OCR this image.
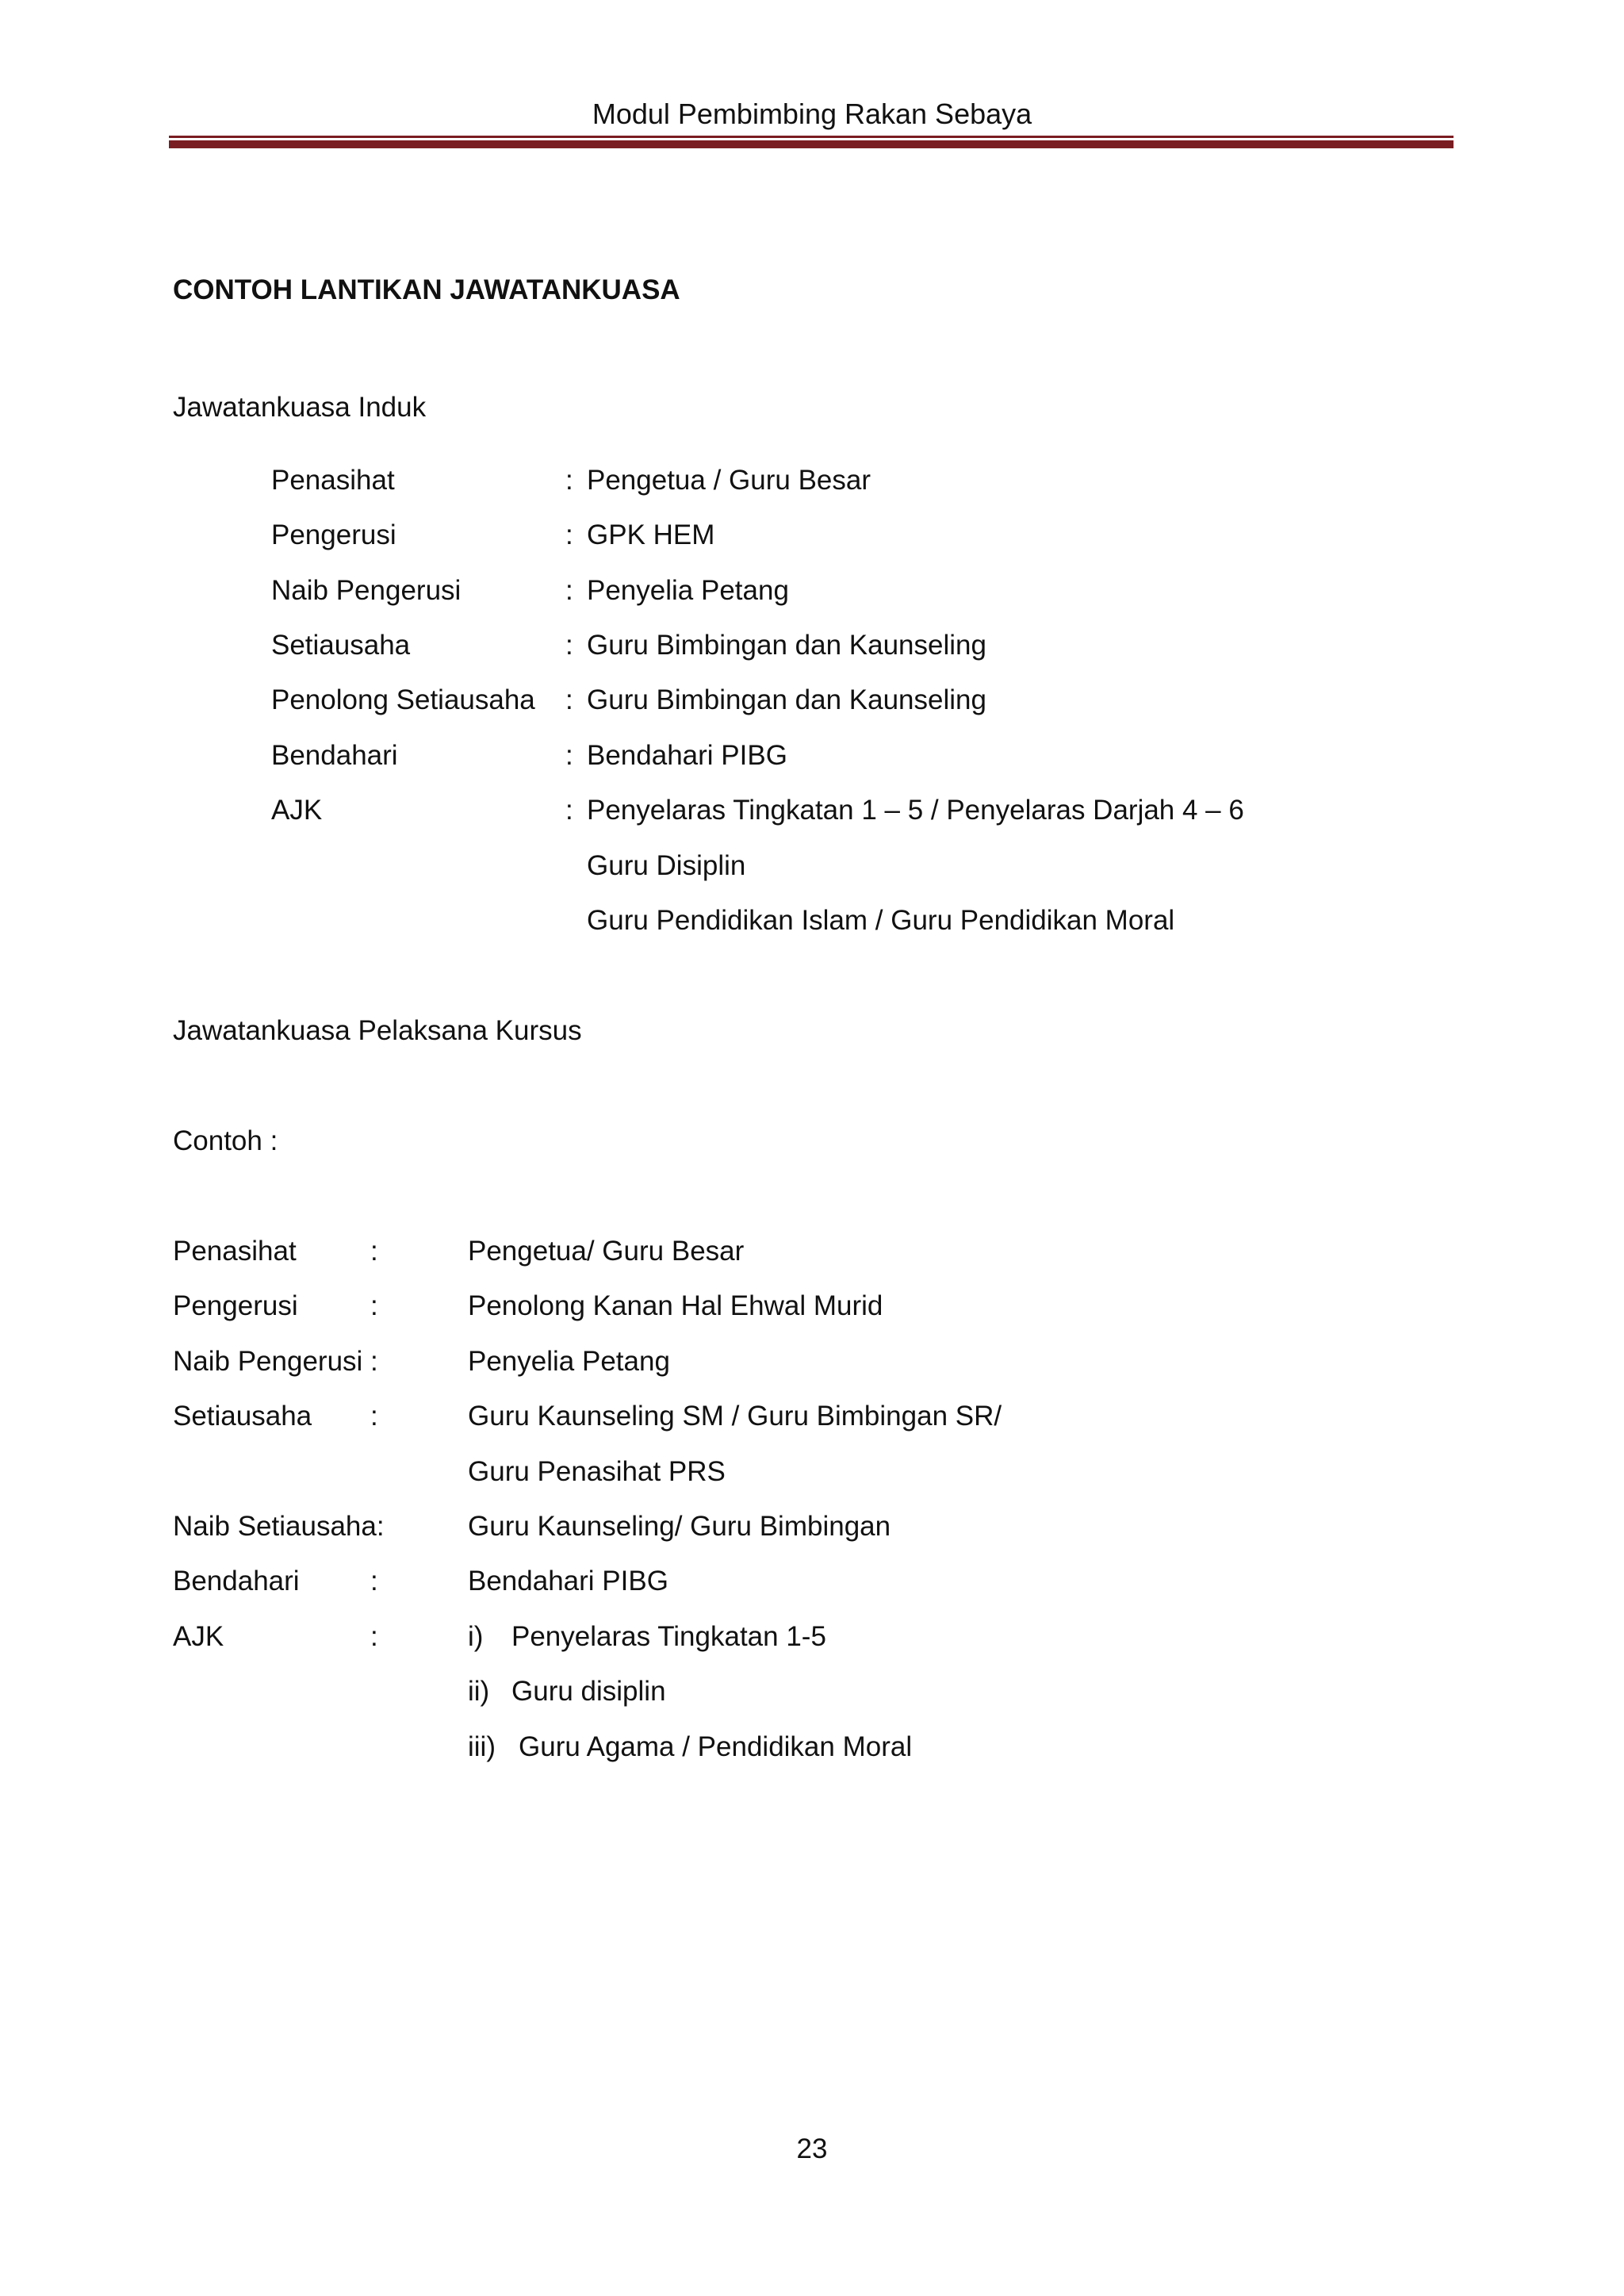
Modul Pembimbing Rakan Sebaya
CONTOH LANTIKAN JAWATANKUASA
Jawatankuasa Induk
Penasihat	: Pengetua / Guru Besar
Pengerusi	: GPK HEM
Naib Pengerusi	: Penyelia Petang
Setiausaha	: Guru Bimbingan dan Kaunseling
Penolong Setiausaha : Guru Bimbingan dan Kaunseling
Bendahari	: Bendahari PIBG
AJK	: Penyelaras Tingkatan 1 – 5 / Penyelaras Darjah 4 – 6
Guru Disiplin
Guru Pendidikan Islam / Guru Pendidikan Moral
Jawatankuasa Pelaksana Kursus
Contoh :
Penasihat	:	Pengetua/ Guru Besar
Pengerusi	:	Penolong Kanan Hal Ehwal Murid
Naib Pengerusi :	Penyelia Petang
Setiausaha :	Guru Kaunseling SM / Guru Bimbingan SR/
Guru Penasihat PRS
Naib Setiausaha:	Guru Kaunseling/ Guru Bimbingan
Bendahari	:	Bendahari PIBG
AJK	:	i) Penyelaras Tingkatan 1-5
ii) Guru disiplin
iii) Guru Agama / Pendidikan Moral
23
